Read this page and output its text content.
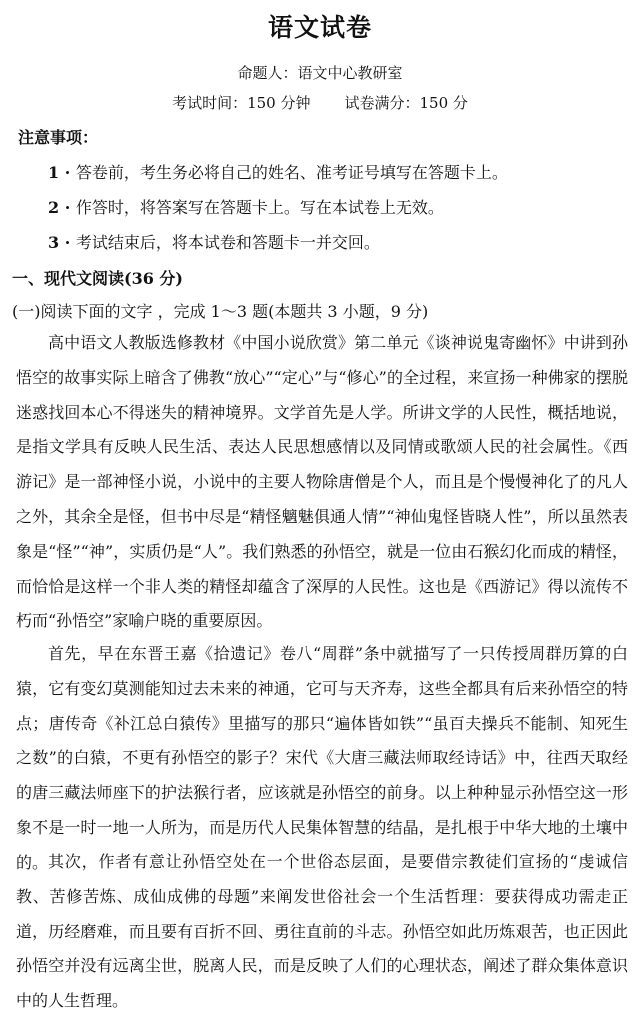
语文试卷
命题人：语文中心教研室
考试时间：150 分钟 试卷满分：150 分
注意事项：
1 · 答卷前，考生务必将自己的姓名、准考证号填写在答题卡上。
2 · 作答时，将答案写在答题卡上。写在本试卷上无效。
3 · 考试结束后，将本试卷和答题卡一并交回。
一、现代文阅读(36 分)
(一)阅读下面的文字 ，完成 1～3 题(本题共 3 小题，9 分)
高中语文人教版选修教材《中国小说欣赏》第二单元《谈神说鬼寄幽怀》中讲到孙悟空的故事实际上暗含了佛教“放心”“定心”与“修心”的全过程，来宣扬一种佛家的摆脱迷惑找回本心不得迷失的精神境界。文学首先是人学。所讲文学的人民性，概括地说，是指文学具有反映人民生活、表达人民思想感情以及同情或歌颂人民的社会属性。《西游记》是一部神怪小说，小说中的主要人物除唐僧是个人，而且是个慢慢神化了的凡人之外，其余全是怪，但书中尽是“精怪魑魅俱通人情”“神仙鬼怪皆晓人性”，所以虽然表象是“怪”“神”，实质仍是“人”。我们熟悉的孙悟空，就是一位由石猴幻化而成的精怪，而恰恰是这样一个非人类的精怪却蕴含了深厚的人民性。这也是《西游记》得以流传不朽而“孙悟空”家喻户晓的重要原因。
首先，早在东晋王嘉《拾遗记》卷八“周群”条中就描写了一只传授周群历算的白猿，它有变幻莫测能知过去未来的神通，它可与天齐寿，这些全都具有后来孙悟空的特点；唐传奇《补江总白猿传》里描写的那只“遍体皆如铁”“虽百夫操兵不能制、知死生之数”的白猿，不更有孙悟空的影子？宋代《大唐三藏法师取经诗话》中，往西天取经的唐三藏法师座下的护法猴行者，应该就是孙悟空的前身。以上种种显示孙悟空这一形象不是一时一地一人所为，而是历代人民集体智慧的结晶，是扎根于中华大地的土壤中的。 其次，作者有意让孙悟空处在一个世俗态层面，是要借宗教徒们宣扬的“虔诚信教、苦修苦炼、成仙成佛的母题”来阐发世俗社会一个生活哲理：要获得成功需走正道，历经磨难，而且要有百折不回、勇往直前的斗志。孙悟空如此历炼艰苦，也正因此孙悟空并没有远离尘世，脱离人民，而是反映了人们的心理状态，阐述了群众集体意识中的人生哲理。
